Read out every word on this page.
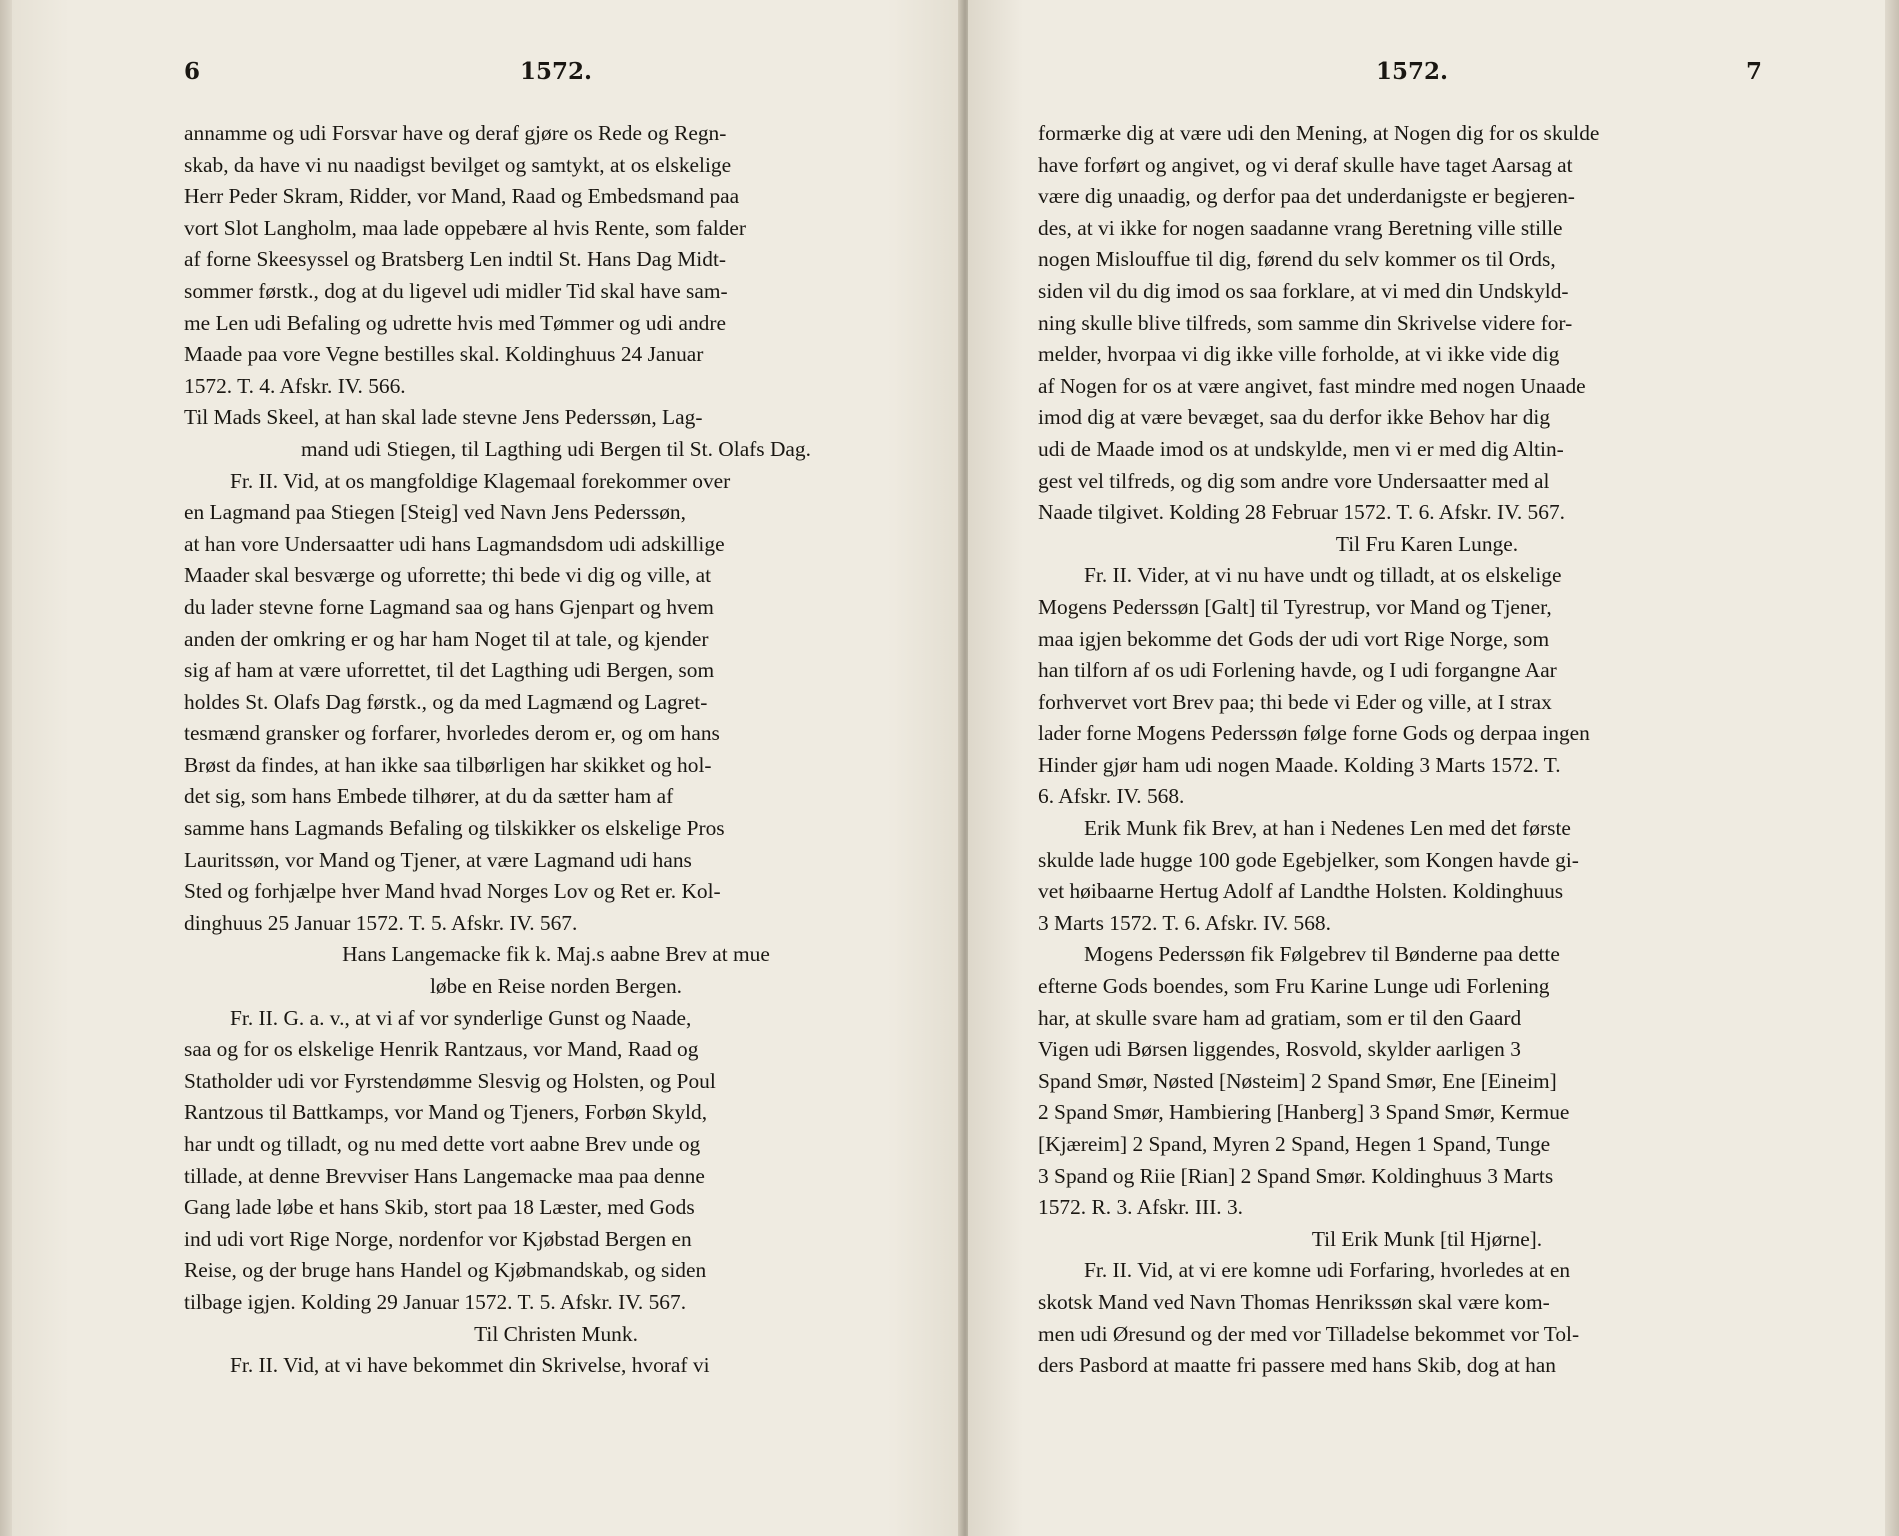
6	1572.

annamme og udi Forsvar have og deraf gjøre os Rede og Regn-

skab, da have vi nu naadigst bevilget og samtykt, at os elskelige

Herr Peder Skram, Ridder, vor Mand, Raad og Embedsmand paa

vort Slot Langholm, maa lade oppebære al hvis Rente, som falder

af forne Skeesyssel og Bratsberg Len indtil St. Hans Dag Midt-

sommer førstk., dog at du ligevel udi midler Tid skal have sam-

me Len udi Befaling og udrette hvis med Tømmer og udi andre

Maade paa vore Vegne bestilles skal. Koldinghuus 24 Januar

1572. T. 4. Afskr. IV. 566.

Til Mads Skeel, at han skal lade stevne Jens Pederssøn, Lag-

mand udi Stiegen, til Lagthing udi Bergen til St. Olafs Dag.

Fr. II. Vid, at os mangfoldige Klagemaal forekommer over

en Lagmand paa Stiegen [Steig] ved Navn Jens Pederssøn,

at han vore Undersaatter udi hans Lagmandsdom udi adskillige

Maader skal besværge og uforrette; thi bede vi dig og ville, at

du lader stevne forne Lagmand saa og hans Gjenpart og hvem

anden der omkring er og har ham Noget til at tale, og kjender

sig af ham at være uforrettet, til det Lagthing udi Bergen, som

holdes St. Olafs Dag førstk., og da med Lagmænd og Lagret-

tesmænd gransker og forfarer, hvorledes derom er, og om hans

Brøst da findes, at han ikke saa tilbørligen har skikket og hol-

det sig, som hans Embede tilhører, at du da sætter ham af

samme hans Lagmands Befaling og tilskikker os elskelige Pros

Lauritssøn, vor Mand og Tjener, at være Lagmand udi hans

Sted og forhjælpe hver Mand hvad Norges Lov og Ret er. Kol-

dinghuus 25 Januar 1572. T. 5. Afskr. IV. 567.

Hans Langemacke fik k. Maj.s aabne Brev at mue

løbe en Reise norden Bergen.

Fr. II. G. a. v., at vi af vor synderlige Gunst og Naade,

saa og for os elskelige Henrik Rantzaus, vor Mand, Raad og

Statholder udi vor Fyrstendømme Slesvig og Holsten, og Poul

Rantzous til Battkamps, vor Mand og Tjeners, Forbøn Skyld,

har undt og tilladt, og nu med dette vort aabne Brev unde og

tillade, at denne Brevviser Hans Langemacke maa paa denne

Gang lade løbe et hans Skib, stort paa 18 Læster, med Gods

ind udi vort Rige Norge, nordenfor vor Kjøbstad Bergen en

Reise, og der bruge hans Handel og Kjøbmandskab, og siden

tilbage igjen. Kolding 29 Januar 1572. T. 5. Afskr. IV. 567.

Til Christen Munk.

Fr. II. Vid, at vi have bekommet din Skrivelse, hvoraf vi

1572.	7

formærke dig at være udi den Mening, at Nogen dig for os skulde

have forført og angivet, og vi deraf skulle have taget Aarsag at

være dig unaadig, og derfor paa det underdanigste er begjeren-

des, at vi ikke for nogen saadanne vrang Beretning ville stille

nogen Mislouffue til dig, førend du selv kommer os til Ords,

siden vil du dig imod os saa forklare, at vi med din Undskyld-

ning skulle blive tilfreds, som samme din Skrivelse videre for-

melder, hvorpaa vi dig ikke ville forholde, at vi ikke vide dig

af Nogen for os at være angivet, fast mindre med nogen Unaade

imod dig at være bevæget, saa du derfor ikke Behov har dig

udi de Maade imod os at undskylde, men vi er med dig Altin-

gest vel tilfreds, og dig som andre vore Undersaatter med al

Naade tilgivet. Kolding 28 Februar 1572. T. 6. Afskr. IV. 567.

Til Fru Karen Lunge.

Fr. II. Vider, at vi nu have undt og tilladt, at os elskelige

Mogens Pederssøn [Galt] til Tyrestrup, vor Mand og Tjener,

maa igjen bekomme det Gods der udi vort Rige Norge, som

han tilforn af os udi Forlening havde, og I udi forgangne Aar

forhvervet vort Brev paa; thi bede vi Eder og ville, at I strax

lader forne Mogens Pederssøn følge forne Gods og derpaa ingen

Hinder gjør ham udi nogen Maade. Kolding 3 Marts 1572. T.

6. Afskr. IV. 568.

Erik Munk fik Brev, at han i Nedenes Len med det første

skulde lade hugge 100 gode Egebjelker, som Kongen havde gi-

vet høibaarne Hertug Adolf af Landthe Holsten. Koldinghuus

3 Marts 1572. T. 6. Afskr. IV. 568.

Mogens Pederssøn fik Følgebrev til Bønderne paa dette

efterne Gods boendes, som Fru Karine Lunge udi Forlening

har, at skulle svare ham ad gratiam, som er til den Gaard

Vigen udi Børsen liggendes, Rosvold, skylder aarligen 3

Spand Smør, Nøsted [Nøsteim] 2 Spand Smør, Ene [Eineim]

2 Spand Smør, Hambiering [Hanberg] 3 Spand Smør, Kermue

[Kjæreim] 2 Spand, Myren 2 Spand, Hegen 1 Spand, Tunge

3 Spand og Riie [Rian] 2 Spand Smør. Koldinghuus 3 Marts

1572. R. 3. Afskr. III. 3.

Til Erik Munk [til Hjørne].

Fr. II. Vid, at vi ere komne udi Forfaring, hvorledes at en

skotsk Mand ved Navn Thomas Henrikssøn skal være kom-

men udi Øresund og der med vor Tilladelse bekommet vor Tol-

ders Pasbord at maatte fri passere med hans Skib, dog at han
